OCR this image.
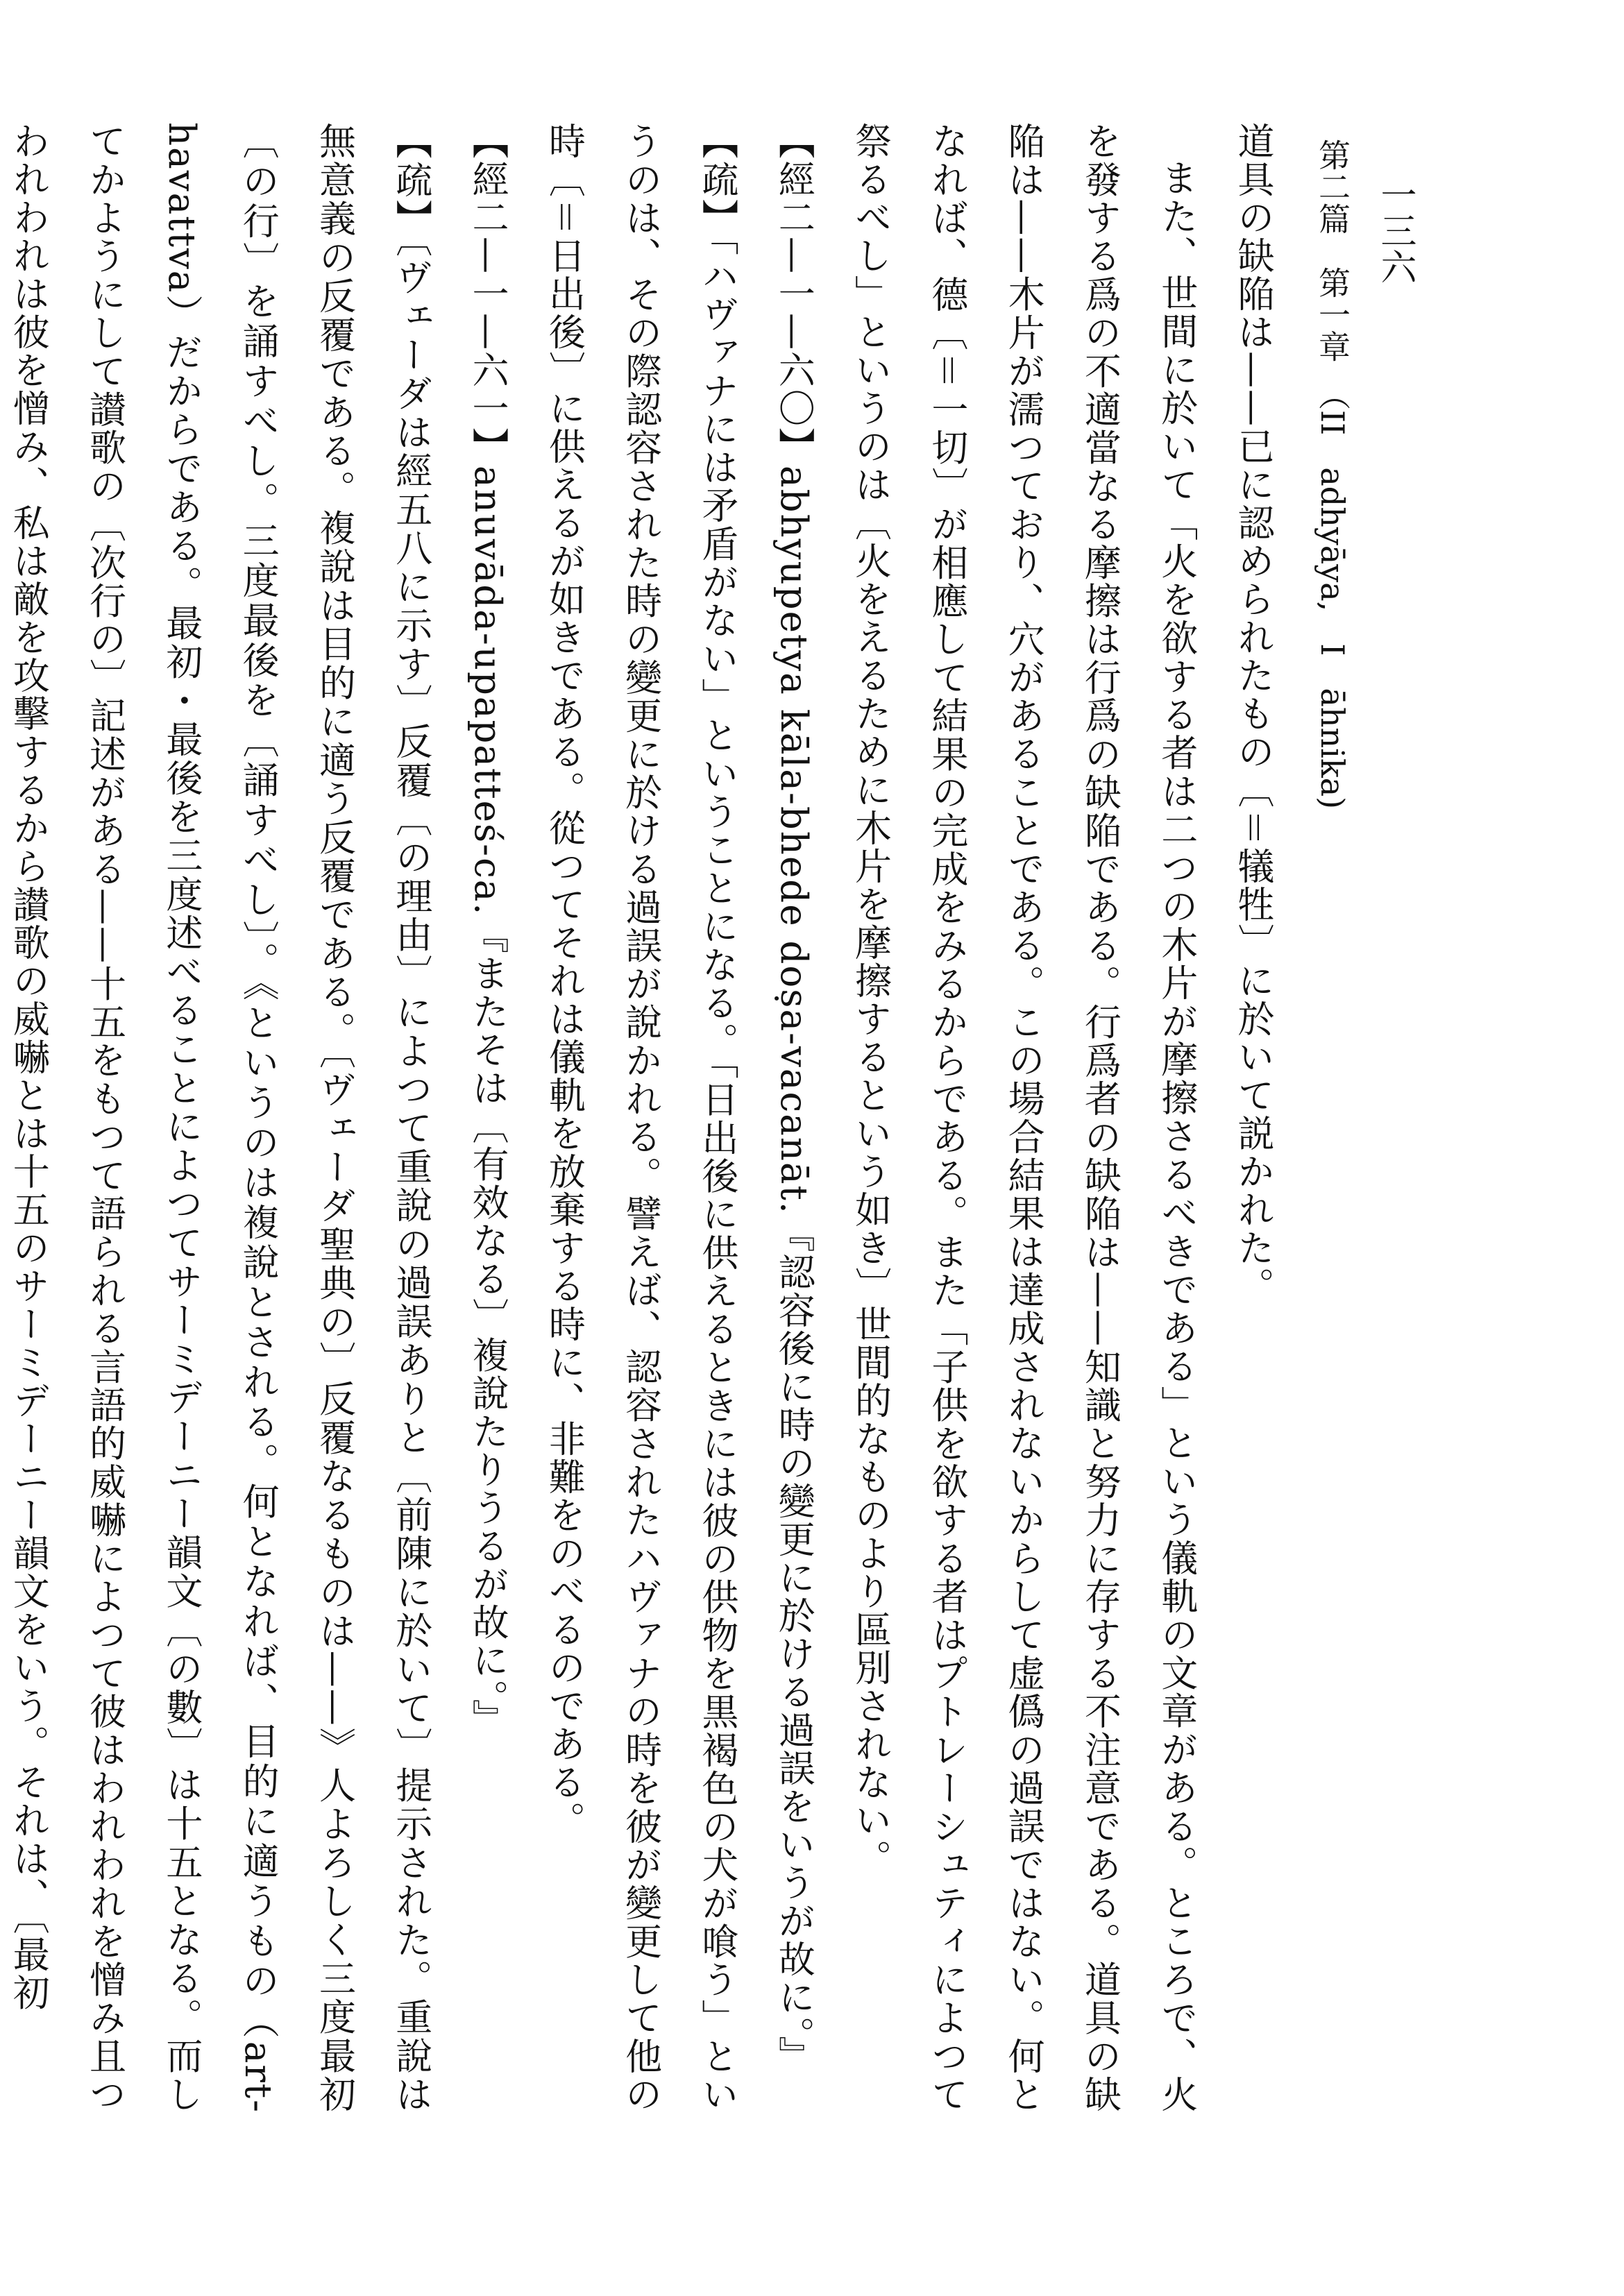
一三六
第二篇　第一章　（II　adhyāya,　I　āhnika)

道具の缺陥は——已に認められたもの〔＝犠牲〕に於いて説かれた。

また、世間に於いて「火を欲する者は二つの木片が摩擦さるべきである」という儀軌の文章がある。ところで、火を發する爲の不適當なる摩擦は行爲の缺陥である。行爲者の缺陥は——知識と努力に存する不注意である。道具の缺陥は——木片が濡つており、穴があることである。この場合結果は達成されないからして虚僞の過誤ではない。何となれば、德〔＝一切〕が相應して結果の完成をみるからである。また「子供を欲する者はプトレーシュティによつて祭るべし」というのは〔火をえるために木片を摩擦するという如き〕世間的なものより區別されない。

【經二—一—六〇】abhyupetya kāla-bhede doṣa-vacanāt.『認容後に時の變更に於ける過誤をいうが故に。』

【疏】「ハヴァナには矛盾がない」ということになる。「日出後に供えるときには彼の供物を黒褐色の犬が喰う」というのは、その際認容された時の變更に於ける過誤が說かれる。譬えば、認容されたハヴァナの時を彼が變更して他の時〔＝日出後〕に供えるが如きである。從つてそれは儀軌を放棄する時に、非難をのべるのである。

【經二—一—六一】anuvāda-upapatteś-ca.『またそは〔有效なる〕複說たりうるが故に。』

【疏】〔ヴェーダは經五八に示す〕反覆〔の理由〕によつて重說の過誤ありと〔前陳に於いて〕提示された。重說は無意義の反覆である。複說は目的に適う反覆である。〔ヴェーダ聖典の〕反覆なるものは——》人よろしく三度最初〔の行〕を誦すべし。三度最後を〔誦すべし〕。《というのは複說とされる。何となれば、目的に適うもの（art-havattva）だからである。最初・最後を三度述べることによつてサーミデーニー韻文〔の數〕は十五となる。而してかようにして讃歌の〔次行の〕記述がある——十五をもつて語られる言語的威嚇によつて彼はわれわれを憎み且つわれわれは彼を憎み、私は敵を攻擊するから讃歌の威嚇とは十五のサーミデーニー韻文をいう。それは、〔最初
